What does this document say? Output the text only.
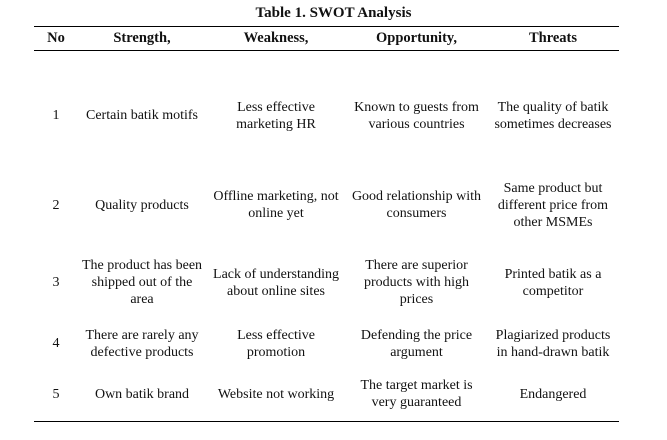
Table 1. SWOT Analysis
No	Strength,	Weakness,	Opportunity,	Threats
1	Certain batik motifs	Less effective marketing HR	Known to guests from various countries	The quality of batik sometimes decreases
2	Quality products	Offline marketing, not online yet	Good relationship with consumers	Same product but different price from other MSMEs
3	The product has been shipped out of the area	Lack of understanding about online sites	There are superior products with high prices	Printed batik as a competitor
4	There are rarely any defective products	Less effective promotion	Defending the price argument	Plagiarized products in hand-drawn batik
5	Own batik brand	Website not working	The target market is very guaranteed	Endangered
